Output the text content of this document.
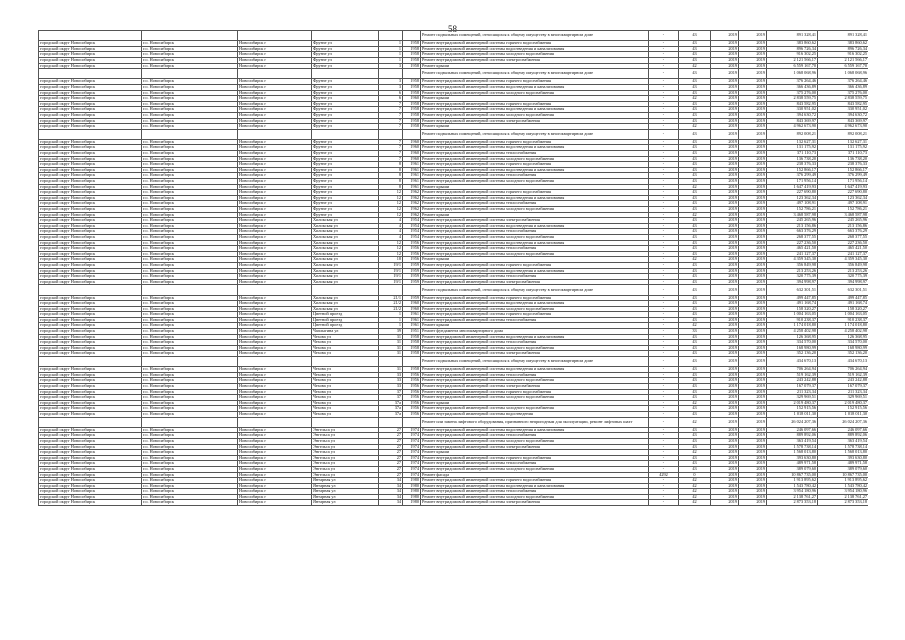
58
						Ремонт подвальных помещений, относящихся к общему имуществу в многоквартирном доме	-	43	2019	2019	891 328,41	891 328,41
городской округ Новосибирск	г.о. Новосибирск	Новосибирск г	Фрунзе ул	1	1958	Ремонт внутридомовой инженерной системы горячего водоснабжения	-	43	2019	2019	383 860,62	383 860,62
городской округ Новосибирск	г.о. Новосибирск	Новосибирск г	Фрунзе ул	1	1958	Ремонт внутридомовой инженерной системы водоотведения и канализования	-	43	2019	2019	896 726,34	896 726,34
городской округ Новосибирск	г.о. Новосибирск	Новосибирск г	Фрунзе ул	1	1958	Ремонт внутридомовой инженерной системы холодного водоснабжения	-	43	2019	2019	916 302,25	916 302,25
городской округ Новосибирск	г.о. Новосибирск	Новосибирск г	Фрунзе ул	1	1958	Ремонт внутридомовой инженерной системы электроснабжения	-	43	2019	2019	2 121 566,17	2 121 566,17
городской округ Новосибирск	г.о. Новосибирск	Новосибирск г	Фрунзе ул	3	1958	Ремонт крыши	-	42	2019	2019	6 559 167,70	6 559 167,70
						Ремонт подвальных помещений, относящихся к общему имуществу в многоквартирном доме	-	43	2019	2019	1 068 068,96	1 068 068,96
городской округ Новосибирск	г.о. Новосибирск	Новосибирск г	Фрунзе ул	3	1958	Ремонт внутридомовой инженерной системы горячего водоснабжения	-	43	2019	2019	376 264,46	376 264,46
городской округ Новосибирск	г.о. Новосибирск	Новосибирск г	Фрунзе ул	3	1958	Ремонт внутридомовой инженерной системы водоотведения и канализования	-	43	2019	2019	366 436,89	366 436,89
городской округ Новосибирск	г.о. Новосибирск	Новосибирск г	Фрунзе ул	6	1958	Ремонт внутридомовой инженерной системы холодного водоснабжения	-	43	2019	2019	375 276,00	375 276,00
городской округ Новосибирск	г.о. Новосибирск	Новосибирск г	Фрунзе ул	6	1960	Ремонт крыши	-	42	2019	2019	2 838 559,75	2 838 559,75
городской округ Новосибирск	г.о. Новосибирск	Новосибирск г	Фрунзе ул	7	1958	Ремонт внутридомовой инженерной системы горячего водоснабжения	-	43	2019	2019	843 582,95	843 582,95
городской округ Новосибирск	г.о. Новосибирск	Новосибирск г	Фрунзе ул	7	1958	Ремонт внутридомовой инженерной системы водоотведения и канализования	-	43	2019	2019	330 951,02	330 951,02
городской округ Новосибирск	г.о. Новосибирск	Новосибирск г	Фрунзе ул	7	1958	Ремонт внутридомовой инженерной системы холодного водоснабжения	-	43	2019	2019	394 630,72	394 630,72
городской округ Новосибирск	г.о. Новосибирск	Новосибирск г	Фрунзе ул	7	1958	Ремонт внутридомовой инженерной системы электроснабжения	-	43	2019	2019	843 369,97	843 369,97
городской округ Новосибирск	г.о. Новосибирск	Новосибирск г	Фрунзе ул	7	1958	Ремонт крыши	-	42	2019	2019	4 962 673,90	4 962 673,90
						Ремонт подвальных помещений, относящихся к общему имуществу в многоквартирном доме	-	43	2019	2019	892 008,21	892 008,21
городской округ Новосибирск	г.о. Новосибирск	Новосибирск г	Фрунзе ул	7	1960	Ремонт внутридомовой инженерной системы горячего водоснабжения	-	43	2019	2019	132 627,31	132 627,31
городской округ Новосибирск	г.о. Новосибирск	Новосибирск г	Фрунзе ул	7	1960	Ремонт внутридомовой инженерной системы водоотведения и канализования	-	43	2019	2019	131 175,92	131 175,92
городской округ Новосибирск	г.о. Новосибирск	Новосибирск г	Фрунзе ул	7	1960	Ремонт внутридомовой инженерной системы теплоснабжения	-	43	2019	2019	371 110,73	371 110,73
городской округ Новосибирск	г.о. Новосибирск	Новосибирск г	Фрунзе ул	7	1960	Ремонт внутридомовой инженерной системы холодного водоснабжения	-	43	2019	2019	136 738,20	136 738,20
городской округ Новосибирск	г.о. Новосибирск	Новосибирск г	Фрунзе ул	8	1961	Ремонт внутридомовой инженерной системы горячего водоснабжения	-	43	2019	2019	238 376,33	238 376,33
городской округ Новосибирск	г.о. Новосибирск	Новосибирск г	Фрунзе ул	8	1961	Ремонт внутридомовой инженерной системы водоотведения и канализования	-	43	2019	2019	152 866,17	152 866,17
городской округ Новосибирск	г.о. Новосибирск	Новосибирск г	Фрунзе ул	8	1961	Ремонт внутридомовой инженерной системы теплоснабжения	-	43	2019	2019	376 299,49	376 299,49
городской округ Новосибирск	г.о. Новосибирск	Новосибирск г	Фрунзе ул	8	1961	Ремонт внутридомовой инженерной системы холодного водоснабжения	-	43	2019	2019	171 956,14	171 956,14
городской округ Новосибирск	г.о. Новосибирск	Новосибирск г	Фрунзе ул	8	1961	Ремонт крыши	-	42	2019	2019	1 647 419,93	1 647 419,93
городской округ Новосибирск	г.о. Новосибирск	Новосибирск г	Фрунзе ул	12	1962	Ремонт внутридомовой инженерной системы горячего водоснабжения	-	43	2019	2019	227 690,80	227 690,80
городской округ Новосибирск	г.о. Новосибирск	Новосибирск г	Фрунзе ул	12	1962	Ремонт внутридомовой инженерной системы водоотведения и канализования	-	43	2019	2019	123 362,34	123 362,34
городской округ Новосибирск	г.о. Новосибирск	Новосибирск г	Фрунзе ул	12	1962	Ремонт внутридомовой инженерной системы теплоснабжения	-	43	2019	2019	497 108,91	497 108,91
городской округ Новосибирск	г.о. Новосибирск	Новосибирск г	Фрунзе ул	12	1962	Ремонт внутридомовой инженерной системы холодного водоснабжения	-	43	2019	2019	152 786,21	152 786,21
городской округ Новосибирск	г.о. Новосибирск	Новосибирск г	Фрунзе ул	12	1962	Ремонт крыши	-	42	2019	2019	3 468 587,98	3 468 587,98
городской округ Новосибирск	г.о. Новосибирск	Новосибирск г	Хилокская ул	4	1954	Ремонт внутридомовой инженерной системы электроснабжения	-	43	2019	2019	245 265,96	245 265,96
городской округ Новосибирск	г.о. Новосибирск	Новосибирск г	Хилокская ул	4	1954	Ремонт внутридомовой инженерной системы водоотведения и канализования	-	43	2019	2019	213 156,86	213 156,86
городской округ Новосибирск	г.о. Новосибирск	Новосибирск г	Хилокская ул	4	1954	Ремонт внутридомовой инженерной системы теплоснабжения	-	43	2019	2019	663 376,29	663 376,29
городской округ Новосибирск	г.о. Новосибирск	Новосибирск г	Хилокская ул	4	1954	Ремонт внутридомовой инженерной системы холодного водоснабжения	-	43	2019	2019	268 377,55	268 377,55
городской округ Новосибирск	г.о. Новосибирск	Новосибирск г	Хилокская ул	12	1956	Ремонт внутридомовой инженерной системы водоотведения и канализования	-	43	2019	2019	227 236,50	227 236,50
городской округ Новосибирск	г.о. Новосибирск	Новосибирск г	Хилокская ул	12	1956	Ремонт внутридомовой инженерной системы теплоснабжения	-	43	2019	2019	465 421,50	465 421,50
городской округ Новосибирск	г.о. Новосибирск	Новосибирск г	Хилокская ул	12	1956	Ремонт внутридомовой инженерной системы холодного водоснабжения	-	43	2019	2019	241 127,37	241 127,37
городской округ Новосибирск	г.о. Новосибирск	Новосибирск г	Хилокская ул	18	1956	Ремонт крыши	-	42	2019	2019	4 359 345,30	4 359 345,30
городской округ Новосибирск	г.о. Новосибирск	Новосибирск г	Хилокская ул	19/1	1959	Ремонт внутридомовой инженерной системы горячего водоснабжения	-	43	2019	2019	356 849,98	356 849,98
городской округ Новосибирск	г.о. Новосибирск	Новосибирск г	Хилокская ул	19/1	1959	Ремонт внутридомовой инженерной системы водоотведения и канализования	-	43	2019	2019	213 253,26	213 253,26
городской округ Новосибирск	г.о. Новосибирск	Новосибирск г	Хилокская ул	19/1	1959	Ремонт внутридомовой инженерной системы теплоснабжения	-	43	2019	2019	320 775,39	320 775,39
городской округ Новосибирск	г.о. Новосибирск	Новосибирск г	Хилокская ул	19/1	1959	Ремонт внутридомовой инженерной системы электроснабжения	-	43	2019	2019	394 998,97	394 998,97
						Ремонт подвальных помещений, относящихся к общему имуществу в многоквартирном доме	-	43	2019	2019	632 301,51	632 301,51
городской округ Новосибирск	г.о. Новосибирск	Новосибирск г	Хилокская ул	21/1	1959	Ремонт внутридомовой инженерной системы горячего водоснабжения	-	43	2019	2019	499 447,85	499 447,85
городской округ Новосибирск	г.о. Новосибирск	Новосибирск г	Хилокская ул	21/2	1960	Ремонт внутридомовой инженерной системы водоотведения и канализования	-	43	2019	2019	491 168,74	491 168,74
городской округ Новосибирск	г.о. Новосибирск	Новосибирск г	Хилокская ул	21/2	1960	Ремонт внутридомовой инженерной системы холодного водоснабжения	-	43	2019	2019	158 320,27	158 320,27
городской округ Новосибирск	г.о. Новосибирск	Новосибирск г	Цветной проезд	1	1961	Ремонт внутридомовой инженерной системы горячего водоснабжения	-	43	2019	2019	1 004 163,05	1 004 163,05
городской округ Новосибирск	г.о. Новосибирск	Новосибирск г	Цветной проезд	1	1961	Ремонт внутридомовой инженерной системы теплоснабжения	-	43	2019	2019	910 238,37	910 238,37
городской округ Новосибирск	г.о. Новосибирск	Новосибирск г	Цветной проезд	1	1961	Ремонт крыши	-	42	2019	2019	1 174 018,80	1 174 018,80
городской округ Новосибирск	г.о. Новосибирск	Новосибирск г	Чаплыгина ул	39	1951	Ремонт фундамента многоквартирного дома	-	33	2019	2019	4 258 402,98	4 258 402,98
городской округ Новосибирск	г.о. Новосибирск	Новосибирск г	Чехова ул	31	1958	Ремонт внутридомовой инженерной системы водоотведения и канализования	-	43	2019	2019	126 368,95	126 368,95
городской округ Новосибирск	г.о. Новосибирск	Новосибирск г	Чехова ул	31	1958	Ремонт внутридомовой инженерной системы теплоснабжения	-	43	2019	2019	334 570,00	334 570,00
городской округ Новосибирск	г.о. Новосибирск	Новосибирск г	Чехова ул	31	1958	Ремонт внутридомовой инженерной системы холодного водоснабжения	-	43	2019	2019	168 980,99	168 980,99
городской округ Новосибирск	г.о. Новосибирск	Новосибирск г	Чехова ул	31	1958	Ремонт внутридомовой инженерной системы электроснабжения	-	43	2019	2019	352 136,20	352 136,20
						Ремонт подвальных помещений, относящихся к общему имуществу в многоквартирном доме	-	43	2019	2019	434 670,13	434 670,13
городской округ Новосибирск	г.о. Новосибирск	Новосибирск г	Чехова ул	31	1958	Ремонт внутридомовой инженерной системы водоотведения и канализования	-	43	2019	2019	706 264,94	706 264,94
городской округ Новосибирск	г.о. Новосибирск	Новосибирск г	Чехова ул	33	1956	Ремонт внутридомовой инженерной системы теплоснабжения	-	43	2019	2019	519 162,39	519 162,39
городской округ Новосибирск	г.о. Новосибирск	Новосибирск г	Чехова ул	33	1956	Ремонт внутридомовой инженерной системы холодного водоснабжения	-	43	2019	2019	243 242,88	243 242,88
городской округ Новосибирск	г.о. Новосибирск	Новосибирск г	Чехова ул	33	1956	Ремонт внутридомовой инженерной системы электроснабжения	-	43	2019	2019	167 079,37	167 079,37
городской округ Новосибирск	г.о. Новосибирск	Новосибирск г	Чехова ул	37	1956	Ремонт внутридомовой инженерной системы горячего водоснабжения	-	43	2019	2019	211 323,34	211 323,34
городской округ Новосибирск	г.о. Новосибирск	Новосибирск г	Чехова ул	37	1956	Ремонт внутридомовой инженерной системы холодного водоснабжения	-	43	2019	2019	329 969,51	329 969,51
городской округ Новосибирск	г.о. Новосибирск	Новосибирск г	Чехова ул	37а	1956	Ремонт крыши	-	42	2019	2019	2 019 480,37	2 019 480,37
городской округ Новосибирск	г.о. Новосибирск	Новосибирск г	Чехова ул	37а	1956	Ремонт внутридомовой инженерной системы холодного водоснабжения	-	43	2019	2019	152 915,56	152 915,56
городской округ Новосибирск	г.о. Новосибирск	Новосибирск г	Чехова ул	37а	1956	Ремонт внутридомовой инженерной системы водоотведения	-	43	2019	2019	1 018 011,30	1 018 011,30
						Ремонт или замена лифтового оборудования, признанного непригодным для эксплуатации, ремонт лифтовых шахт	-	42	2019	2019	26 024 207,36	26 024 207,36
городской округ Новосибирск	г.о. Новосибирск	Новосибирск г	Энгельса ул	27	1974	Ремонт внутридомовой инженерной системы водоотведения и канализования	-	43	2019	2019	246 097,66	246 097,66
городской округ Новосибирск	г.о. Новосибирск	Новосибирск г	Энгельса ул	27	1974	Ремонт внутридомовой инженерной системы теплоснабжения	-	43	2019	2019	889 892,06	889 892,06
городской округ Новосибирск	г.о. Новосибирск	Новосибирск г	Энгельса ул	27	1974	Ремонт внутридомовой инженерной системы холодного водоснабжения	-	43	2019	2019	363 419,54	363 419,54
городской округ Новосибирск	г.о. Новосибирск	Новосибирск г	Энгельса ул	27	1974	Ремонт внутридомовой инженерной системы электроснабжения	-	43	2019	2019	1 578 738,14	1 578 738,14
городской округ Новосибирск	г.о. Новосибирск	Новосибирск г	Энгельса ул	27	1974	Ремонт крыши	-	42	2019	2019	1 568 013,80	1 568 013,80
городской округ Новосибирск	г.о. Новосибирск	Новосибирск г	Энгельса ул	27	1974	Ремонт внутридомовой инженерной системы горячего водоснабжения	-	43	2019	2019	393 630,80	393 630,80
городской округ Новосибирск	г.о. Новосибирск	Новосибирск г	Энгельса ул	27	1974	Ремонт внутридомовой инженерной системы теплоснабжения	-	43	2019	2019	489 971,58	489 971,58
городской округ Новосибирск	г.о. Новосибирск	Новосибирск г	Энгельса ул	27	1974	Ремонт внутридомовой инженерной системы холодного водоснабжения	-	43	2019	2019	389 079,60	389 079,60
городской округ Новосибирск	г.о. Новосибирск	Новосибирск г	Энгельса ул	27	1974	Ремонт фасада	4292	0	2019	2019	10 867 735,00	10 867 735,00
городской округ Новосибирск	г.о. Новосибирск	Новосибирск г	Янтарная ул	34	1980	Ремонт внутридомовой инженерной системы горячего водоснабжения	-	42	2019	2019	1 913 895,62	1 913 895,62
городской округ Новосибирск	г.о. Новосибирск	Новосибирск г	Янтарная ул	34	1980	Ремонт внутридомовой инженерной системы водоотведения и канализования	-	42	2019	2019	1 543 780,42	1 543 780,42
городской округ Новосибирск	г.о. Новосибирск	Новосибирск г	Янтарная ул	34	1980	Ремонт внутридомовой инженерной системы теплоснабжения	-	42	2019	2019	3 954 180,96	3 954 180,96
городской округ Новосибирск	г.о. Новосибирск	Новосибирск г	Янтарная ул	34	1980	Ремонт внутридомовой инженерной системы холодного водоснабжения	-	42	2019	2019	2 138 761,27	2 138 761,27
городской округ Новосибирск	г.о. Новосибирск	Новосибирск г	Янтарная ул	34	1980	Ремонт внутридомовой инженерной системы электроснабжения	-	42	2019	2019	2 873 353,18	2 873 353,18
